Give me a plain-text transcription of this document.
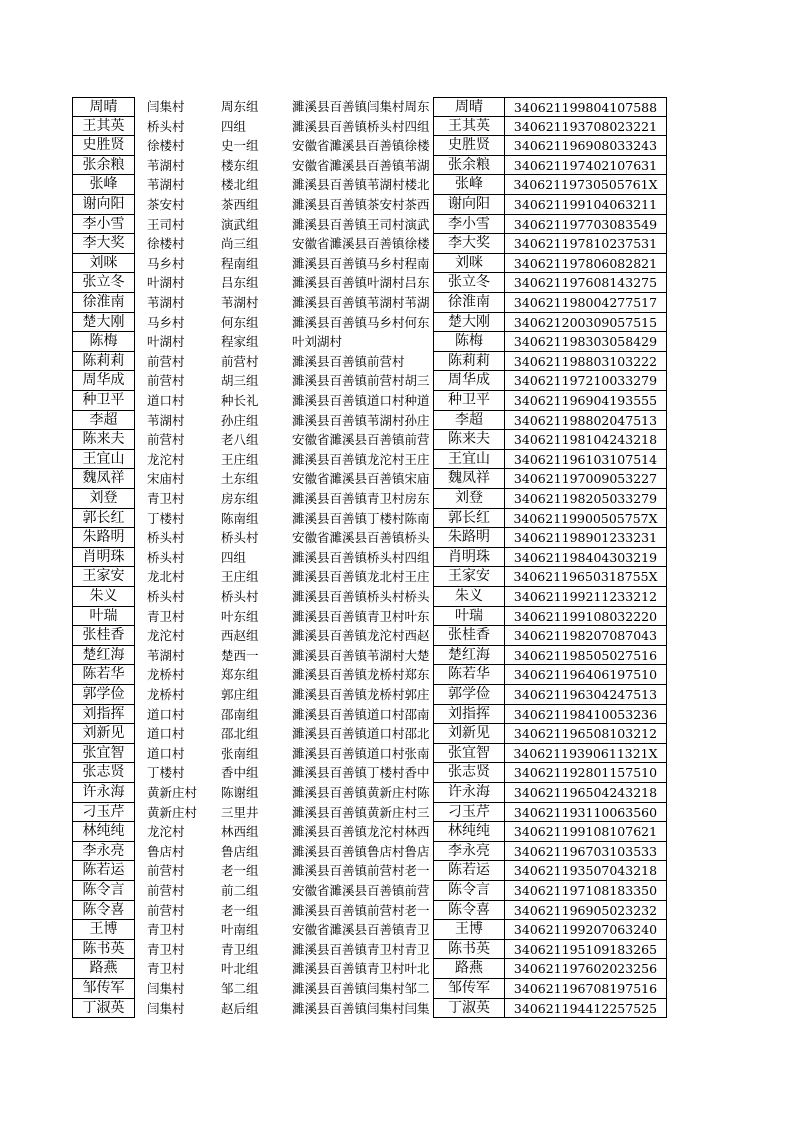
周晴	闫集村	周东组	濉溪县百善镇闫集村周东	周晴	340621199804107588
王其英	桥头村	四组	濉溪县百善镇桥头村四组	王其英	340621193708023221
史胜贤	徐楼村	史一组	安徽省濉溪县百善镇徐楼	史胜贤	340621196908033243
张余粮	苇湖村	楼东组	安徽省濉溪县百善镇苇湖	张余粮	340621197402107631
张峰	苇湖村	楼北组	濉溪县百善镇苇湖村楼北	张峰	34062119730505761X
谢向阳	茶安村	茶西组	濉溪县百善镇茶安村茶西	谢向阳	340621199104063211
李小雪	王司村	演武组	濉溪县百善镇王司村演武	李小雪	340621197703083549
李大奖	徐楼村	尚三组	安徽省濉溪县百善镇徐楼	李大奖	340621197810237531
刘咪	马乡村	程南组	濉溪县百善镇马乡村程南	刘咪	340621197806082821
张立冬	叶湖村	吕东组	濉溪县百善镇叶湖村吕东	张立冬	340621197608143275
徐淮南	苇湖村	苇湖村	濉溪县百善镇苇湖村苇湖	徐淮南	340621198004277517
楚大刚	马乡村	何东组	濉溪县百善镇马乡村何东	楚大刚	340621200309057515
陈梅	叶湖村	程家组	叶刘湖村	陈梅	340621198303058429
陈莉莉	前营村	前营村	濉溪县百善镇前营村	陈莉莉	340621198803103222
周华成	前营村	胡三组	濉溪县百善镇前营村胡三	周华成	340621197210033279
种卫平	道口村	种长礼	濉溪县百善镇道口村种道	种卫平	340621196904193555
李超	苇湖村	孙庄组	濉溪县百善镇苇湖村孙庄	李超	340621198802047513
陈来夫	前营村	老八组	安徽省濉溪县百善镇前营	陈来夫	340621198104243218
王宜山	龙沱村	王庄组	濉溪县百善镇龙沱村王庄	王宜山	340621196103107514
魏凤祥	宋庙村	土东组	安徽省濉溪县百善镇宋庙	魏凤祥	340621197009053227
刘登	青卫村	房东组	濉溪县百善镇青卫村房东	刘登	340621198205033279
郭长红	丁楼村	陈南组	濉溪县百善镇丁楼村陈南	郭长红	34062119900505757X
朱路明	桥头村	桥头村	安徽省濉溪县百善镇桥头	朱路明	340621198901233231
肖明珠	桥头村	四组	濉溪县百善镇桥头村四组	肖明珠	340621198404303219
王家安	龙北村	王庄组	濉溪县百善镇龙北村王庄	王家安	34062119650318755X
朱义	桥头村	桥头村	濉溪县百善镇桥头村桥头	朱义	340621199211233212
叶瑞	青卫村	叶东组	濉溪县百善镇青卫村叶东	叶瑞	340621199108032220
张桂香	龙沱村	西赵组	濉溪县百善镇龙沱村西赵	张桂香	340621198207087043
楚红海	苇湖村	楚西一	濉溪县百善镇苇湖村大楚	楚红海	340621198505027516
陈若华	龙桥村	郑东组	濉溪县百善镇龙桥村郑东	陈若华	340621196406197510
郭学俭	龙桥村	郭庄组	濉溪县百善镇龙桥村郭庄	郭学俭	340621196304247513
刘指挥	道口村	邵南组	濉溪县百善镇道口村邵南	刘指挥	340621198410053236
刘新见	道口村	邵北组	濉溪县百善镇道口村邵北	刘新见	340621196508103212
张宜智	道口村	张南组	濉溪县百善镇道口村张南	张宜智	34062119390611321X
张志贤	丁楼村	香中组	濉溪县百善镇丁楼村香中	张志贤	340621192801157510
许永海	黄新庄村	陈谢组	濉溪县百善镇黄新庄村陈	许永海	340621196504243218
刁玉芹	黄新庄村	三里井	濉溪县百善镇黄新庄村三	刁玉芹	340621193110063560
林纯纯	龙沱村	林西组	濉溪县百善镇龙沱村林西	林纯纯	340621199108107621
李永亮	鲁店村	鲁店组	濉溪县百善镇鲁店村鲁店	李永亮	340621196703103533
陈若运	前营村	老一组	濉溪县百善镇前营村老一	陈若运	340621193507043218
陈令言	前营村	前二组	安徽省濉溪县百善镇前营	陈令言	340621197108183350
陈令喜	前营村	老一组	濉溪县百善镇前营村老一	陈令喜	340621196905023232
王博	青卫村	叶南组	安徽省濉溪县百善镇青卫	王博	340621199207063240
陈书英	青卫村	青卫组	濉溪县百善镇青卫村青卫	陈书英	340621195109183265
路燕	青卫村	叶北组	濉溪县百善镇青卫村叶北	路燕	340621197602023256
邹传军	闫集村	邹二组	濉溪县百善镇闫集村邹二	邹传军	340621196708197516
丁淑英	闫集村	赵后组	濉溪县百善镇闫集村闫集	丁淑英	340621194412257525
